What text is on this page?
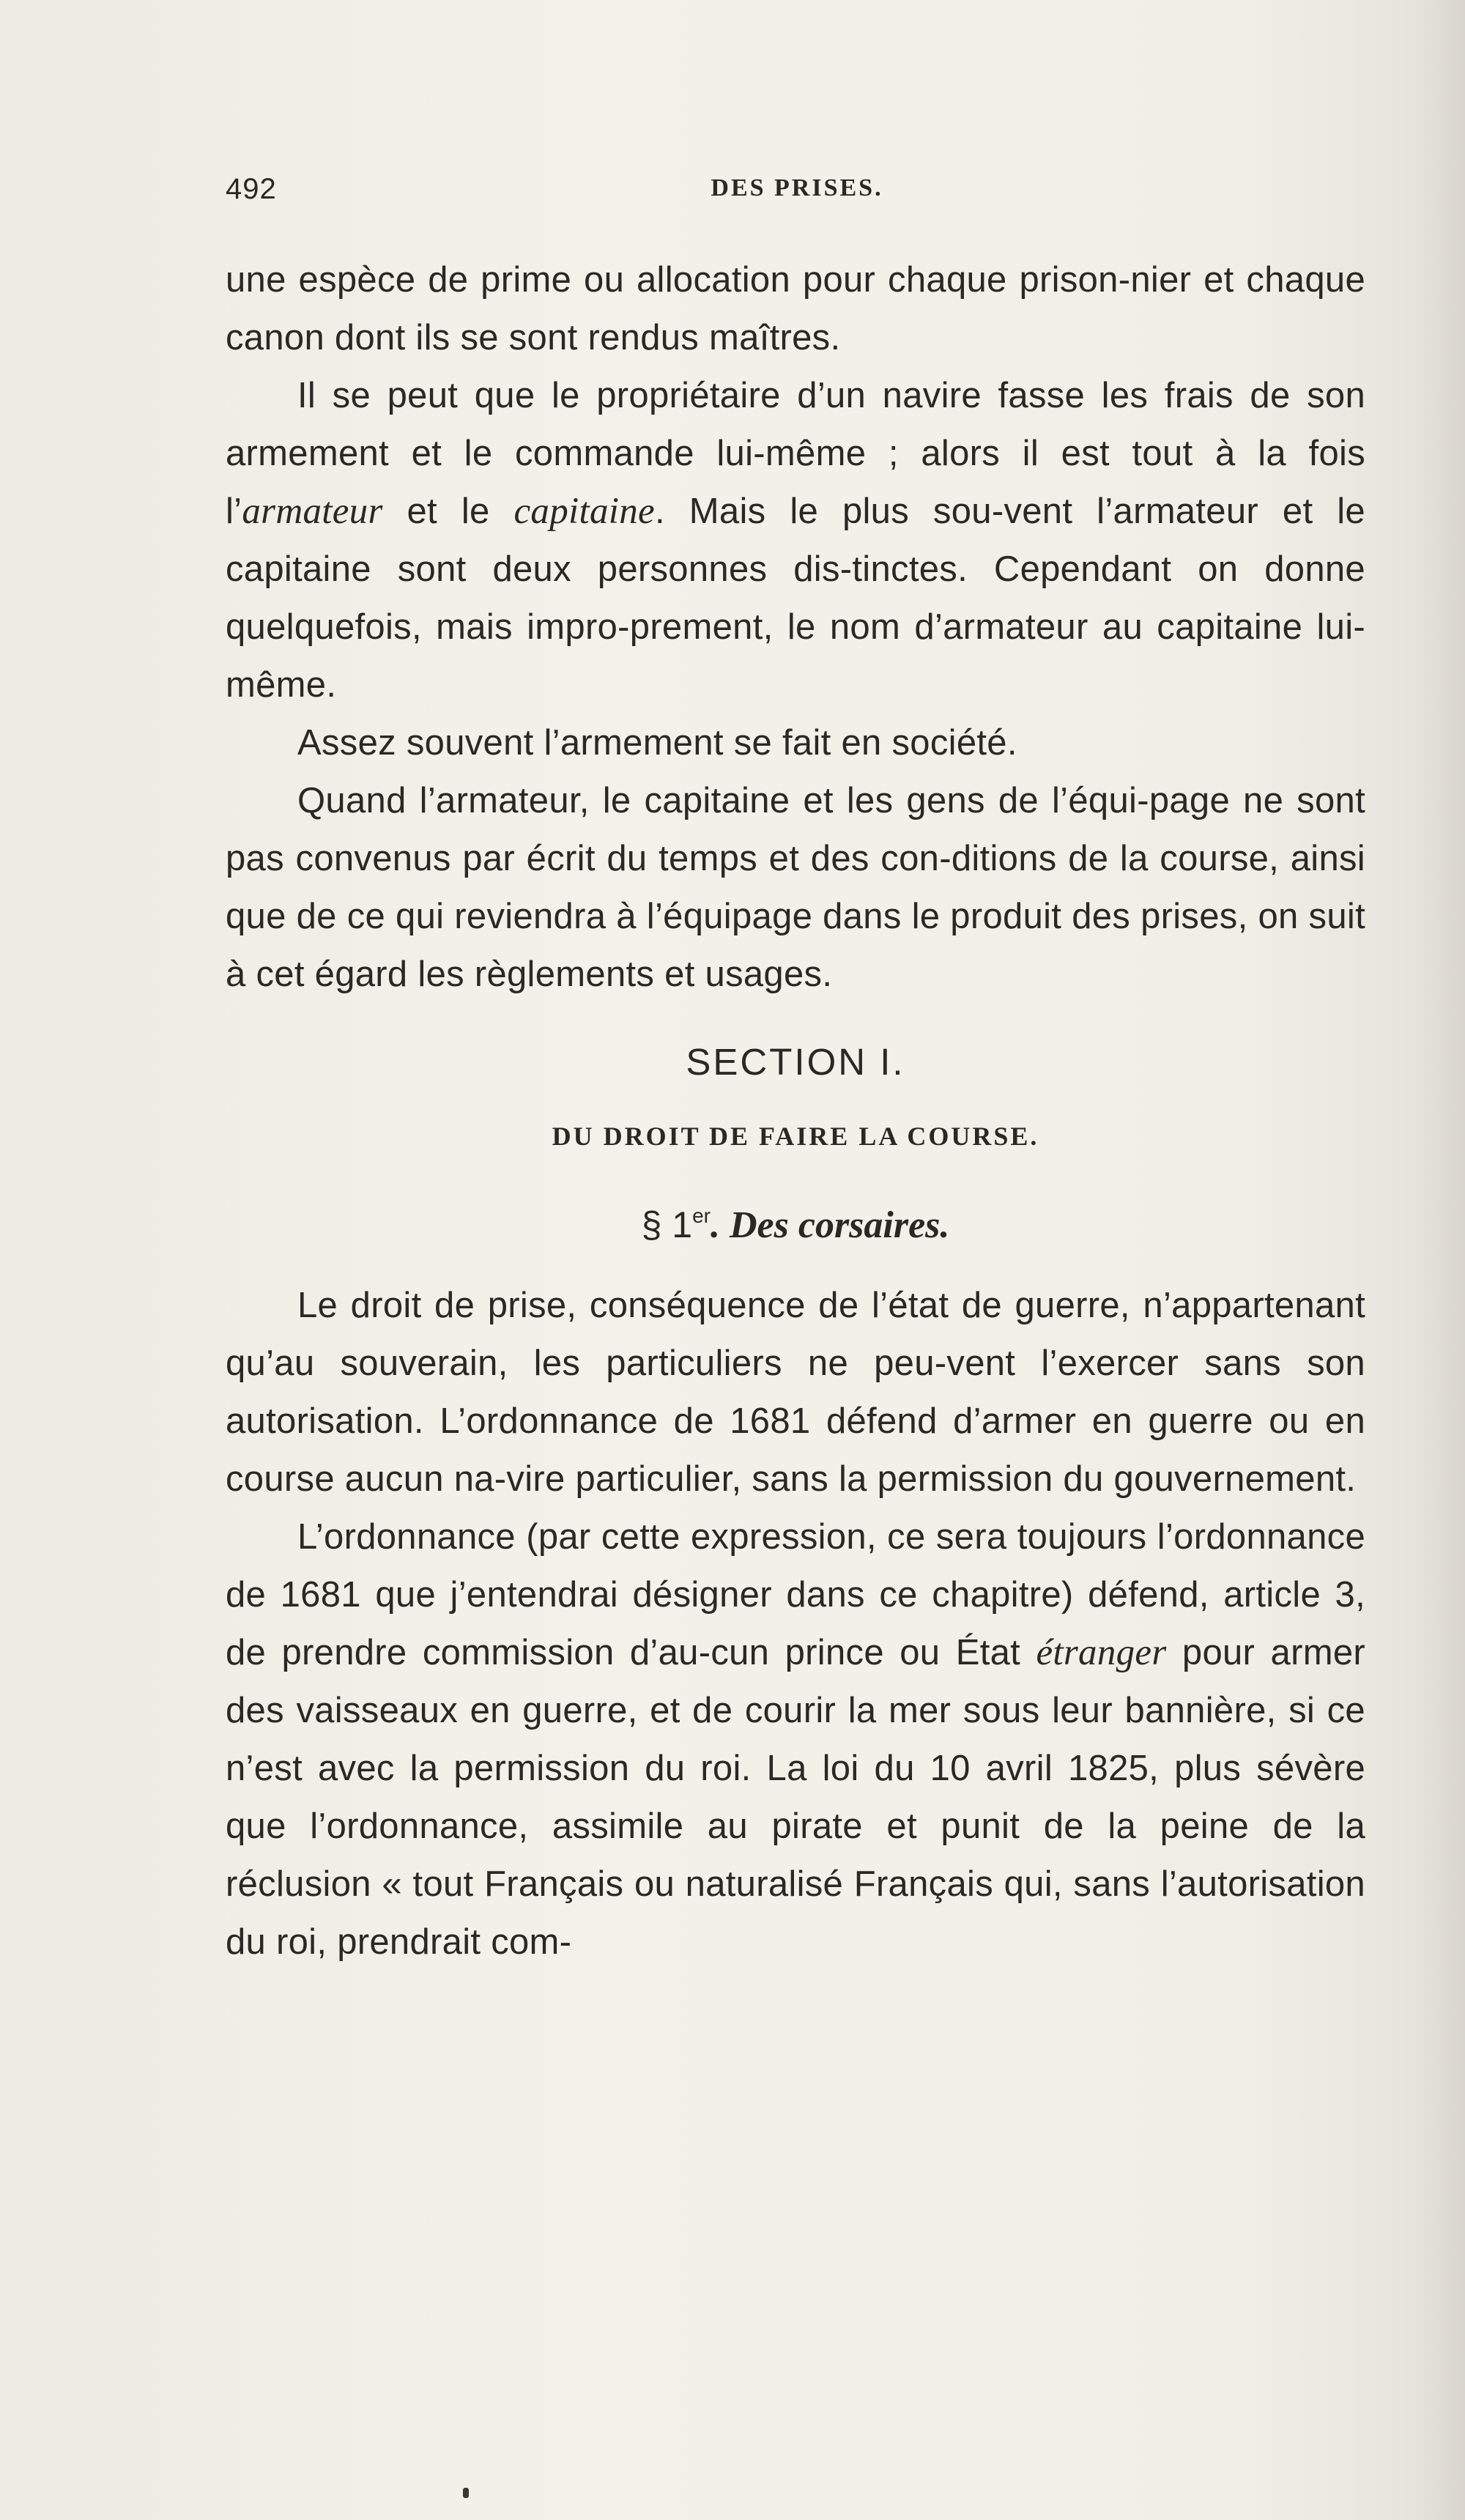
492	DES PRISES.

une espèce de prime ou allocation pour chaque prison-nier et chaque canon dont ils se sont rendus maîtres.

Il se peut que le propriétaire d’un navire fasse les frais de son armement et le commande lui-même ; alors il est tout à la fois l’armateur et le capitaine. Mais le plus sou-vent l’armateur et le capitaine sont deux personnes dis-tinctes. Cependant on donne quelquefois, mais impro-prement, le nom d’armateur au capitaine lui-même.

Assez souvent l’armement se fait en société.

Quand l’armateur, le capitaine et les gens de l’équi-page ne sont pas convenus par écrit du temps et des con-ditions de la course, ainsi que de ce qui reviendra à l’équipage dans le produit des prises, on suit à cet égard les règlements et usages.

SECTION I.
DU DROIT DE FAIRE LA COURSE.
§ 1er. Des corsaires.

Le droit de prise, conséquence de l’état de guerre, n’appartenant qu’au souverain, les particuliers ne peu-vent l’exercer sans son autorisation. L’ordonnance de 1681 défend d’armer en guerre ou en course aucun na-vire particulier, sans la permission du gouvernement.

L’ordonnance (par cette expression, ce sera toujours l’ordonnance de 1681 que j’entendrai désigner dans ce chapitre) défend, article 3, de prendre commission d’au-cun prince ou État étranger pour armer des vaisseaux en guerre, et de courir la mer sous leur bannière, si ce n’est avec la permission du roi. La loi du 10 avril 1825, plus sévère que l’ordonnance, assimile au pirate et punit de la peine de la réclusion « tout Français ou naturalisé Français qui, sans l’autorisation du roi, prendrait com-
